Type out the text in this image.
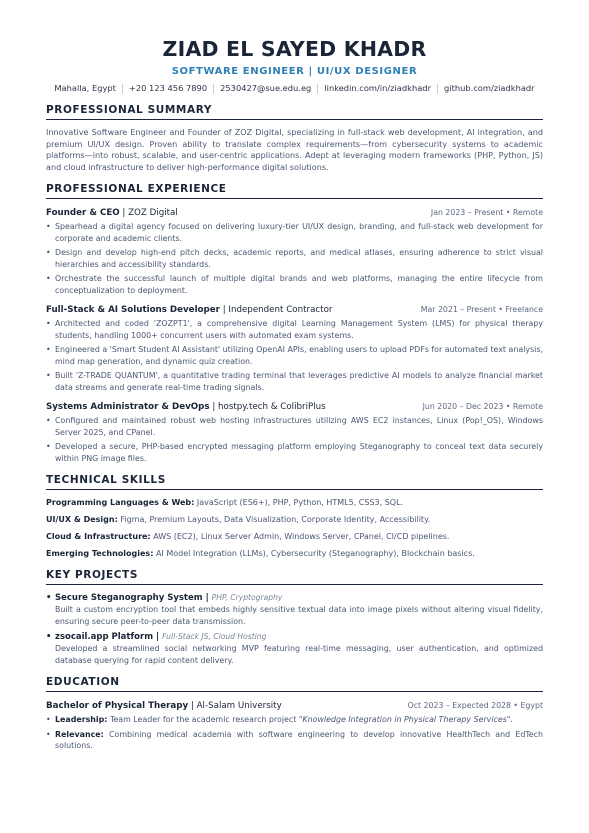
ZIAD EL SAYED KHADR
SOFTWARE ENGINEER | UI/UX DESIGNER
Mahalla, Egypt +20 123 456 7890 2530427@sue.edu.eg linkedin.com/in/ziadkhadr github.com/ziadkhadr
PROFESSIONAL SUMMARY
Innovative Software Engineer and Founder of ZOZ Digital, specializing in full-stack web development, AI integration, and premium UI/UX design. Proven ability to translate complex requirements—from cybersecurity systems to academic platforms—into robust, scalable, and user-centric applications. Adept at leveraging modern frameworks (PHP, Python, JS) and cloud infrastructure to deliver high-performance digital solutions.
PROFESSIONAL EXPERIENCE
Founder & CEO | ZOZ Digital	Jan 2023 – Present • Remote
• Spearhead a digital agency focused on delivering luxury-tier UI/UX design, branding, and full-stack web development for corporate and academic clients.
• Design and develop high-end pitch decks, academic reports, and medical atlases, ensuring adherence to strict visual hierarchies and accessibility standards.
• Orchestrate the successful launch of multiple digital brands and web platforms, managing the entire lifecycle from conceptualization to deployment.
Full-Stack & AI Solutions Developer | Independent Contractor	Mar 2021 – Present • Freelance
• Architected and coded 'ZOZPT1', a comprehensive digital Learning Management System (LMS) for physical therapy students, handling 1000+ concurrent users with automated exam systems.
• Engineered a 'Smart Student AI Assistant' utilizing OpenAI APIs, enabling users to upload PDFs for automated text analysis, mind map generation, and dynamic quiz creation.
• Built 'Z-TRADE QUANTUM', a quantitative trading terminal that leverages predictive AI models to analyze financial market data streams and generate real-time trading signals.
Systems Administrator & DevOps | hostpy.tech & ColibriPlus	Jun 2020 – Dec 2023 • Remote
• Configured and maintained robust web hosting infrastructures utilizing AWS EC2 instances, Linux (Pop!_OS), Windows Server 2025, and CPanel.
• Developed a secure, PHP-based encrypted messaging platform employing Steganography to conceal text data securely within PNG image files.
TECHNICAL SKILLS
Programming Languages & Web: JavaScript (ES6+), PHP, Python, HTML5, CSS3, SQL.
UI/UX & Design: Figma, Premium Layouts, Data Visualization, Corporate Identity, Accessibility.
Cloud & Infrastructure: AWS (EC2), Linux Server Admin, Windows Server, CPanel, CI/CD pipelines.
Emerging Technologies: AI Model Integration (LLMs), Cybersecurity (Steganography), Blockchain basics.
KEY PROJECTS
• Secure Steganography System | PHP, Cryptography
Built a custom encryption tool that embeds highly sensitive textual data into image pixels without altering visual fidelity, ensuring secure peer-to-peer data transmission.
• zsocail.app Platform | Full-Stack JS, Cloud Hosting
Developed a streamlined social networking MVP featuring real-time messaging, user authentication, and optimized database querying for rapid content delivery.
EDUCATION
Bachelor of Physical Therapy | Al-Salam University	Oct 2023 – Expected 2028 • Egypt
• Leadership: Team Leader for the academic research project "Knowledge Integration in Physical Therapy Services".
• Relevance: Combining medical academia with software engineering to develop innovative HealthTech and EdTech solutions.
